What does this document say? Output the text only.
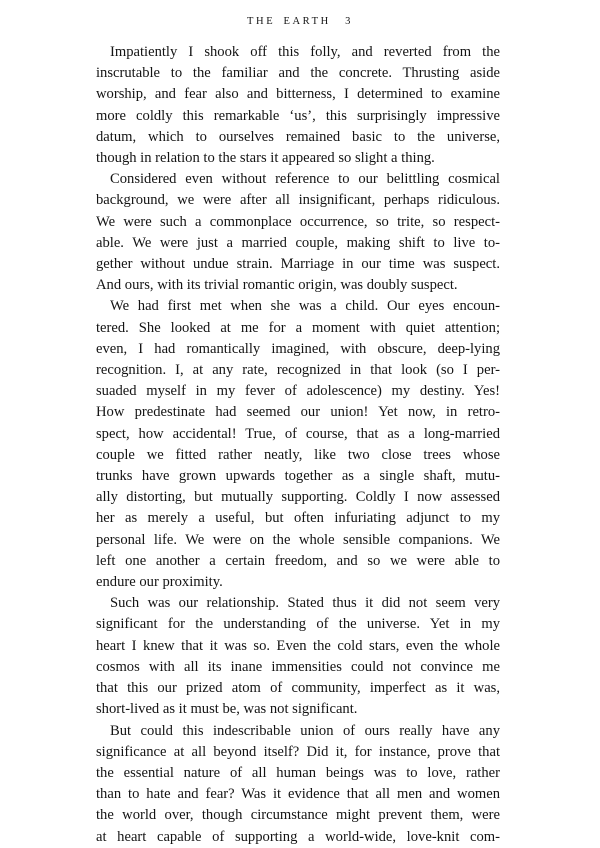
THE EARTH 3
Impatiently I shook off this folly, and reverted from the
inscrutable to the familiar and the concrete. Thrusting aside
worship, and fear also and bitterness, I determined to examine
more coldly this remarkable ‘us’, this surprisingly impressive
datum, which to ourselves remained basic to the universe,
though in relation to the stars it appeared so slight a thing.
Considered even without reference to our belittling cosmical
background, we were after all insignificant, perhaps ridiculous.
We were such a commonplace occurrence, so trite, so respect-
able. We were just a married couple, making shift to live to-
gether without undue strain. Marriage in our time was suspect.
And ours, with its trivial romantic origin, was doubly suspect.
We had first met when she was a child. Our eyes encoun-
tered. She looked at me for a moment with quiet attention;
even, I had romantically imagined, with obscure, deep-lying
recognition. I, at any rate, recognized in that look (so I per-
suaded myself in my fever of adolescence) my destiny. Yes!
How predestinate had seemed our union! Yet now, in retro-
spect, how accidental! True, of course, that as a long-married
couple we fitted rather neatly, like two close trees whose
trunks have grown upwards together as a single shaft, mutu-
ally distorting, but mutually supporting. Coldly I now assessed
her as merely a useful, but often infuriating adjunct to my
personal life. We were on the whole sensible companions. We
left one another a certain freedom, and so we were able to
endure our proximity.
Such was our relationship. Stated thus it did not seem very
significant for the understanding of the universe. Yet in my
heart I knew that it was so. Even the cold stars, even the whole
cosmos with all its inane immensities could not convince me
that this our prized atom of community, imperfect as it was,
short-lived as it must be, was not significant.
But could this indescribable union of ours really have any
significance at all beyond itself? Did it, for instance, prove that
the essential nature of all human beings was to love, rather
than to hate and fear? Was it evidence that all men and women
the world over, though circumstance might prevent them, were
at heart capable of supporting a world-wide, love-knit com-
